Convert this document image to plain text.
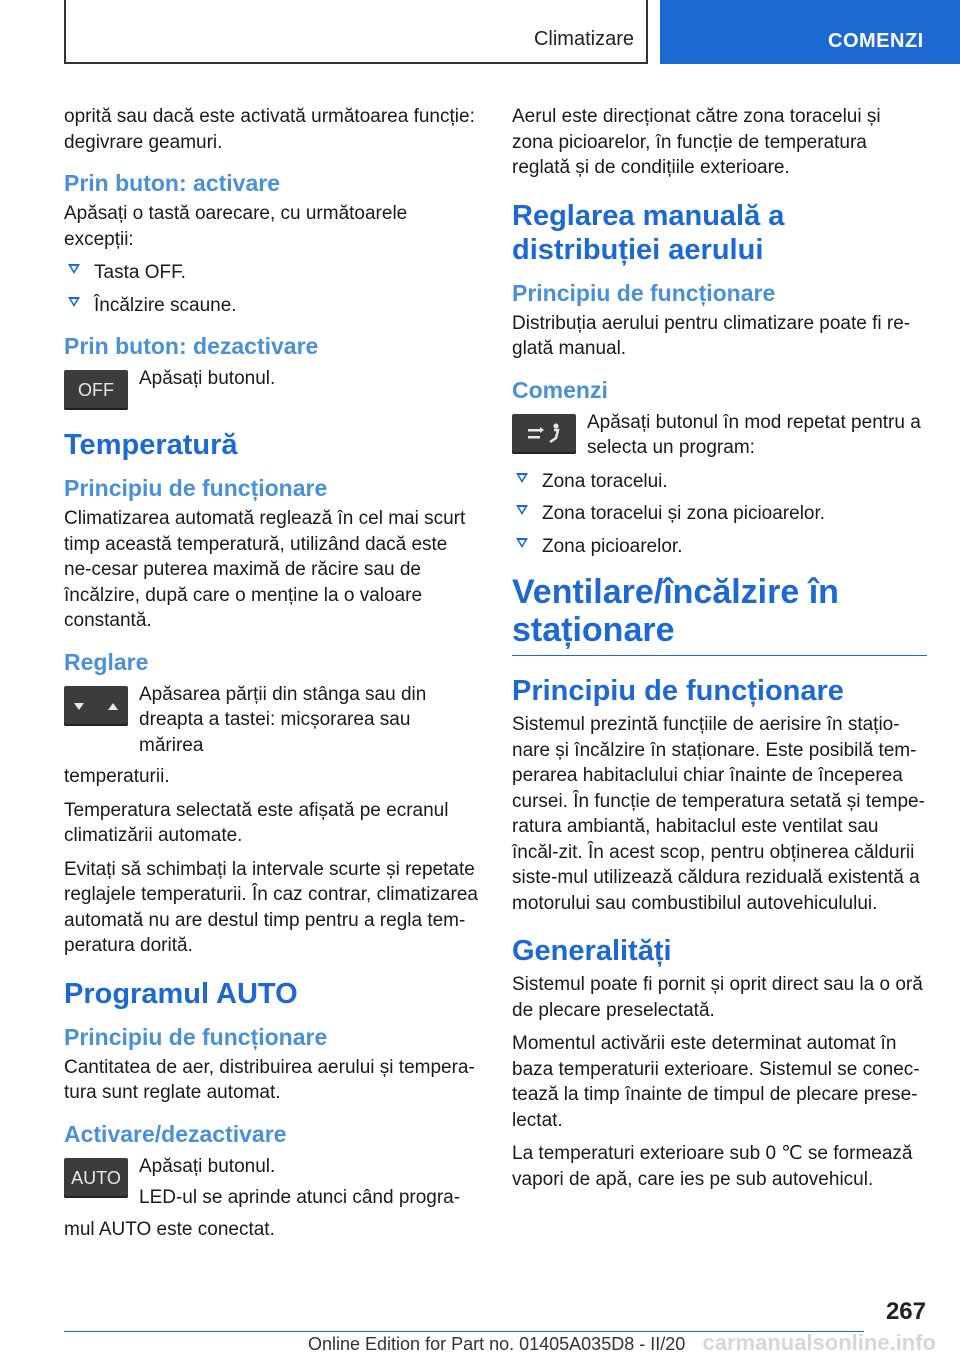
Climatizare	COMENZI

oprită sau dacă este activată următoarea funcție: degivrare geamuri.

Prin buton: activare

Apăsați o tastă oarecare, cu următoarele excepții:

Tasta OFF.
Încălzire scaune.
Prin buton: dezactivare
OFF

Apăsați butonul.

Temperatură
Principiu de funcționare

Climatizarea automată reglează în cel mai scurt timp această temperatură, utilizând dacă este ne‐cesar puterea maximă de răcire sau de încălzire, după care o menține la o valoare constantă.

Reglare

Apăsarea părții din stânga sau din dreapta a tastei: micșorarea sau mărirea

temperaturii.

Temperatura selectată este afișată pe ecranul climatizării automate.

Evitați să schimbați la intervale scurte și repetate reglajele temperaturii. În caz contrar, climatizarea automată nu are destul timp pentru a regla tem‐peratura dorită.

Programul AUTO
Principiu de funcționare

Cantitatea de aer, distribuirea aerului și tempera‐tura sunt reglate automat.

Activare/dezactivare
AUTO

Apăsați butonul.

LED-ul se aprinde atunci când progra‐

mul AUTO este conectat.

Aerul este direcționat către zona toracelui și zona picioarelor, în funcție de temperatura reglată și de condițiile exterioare.

Reglarea manuală a distribuției aerului
Principiu de funcționare

Distribuția aerului pentru climatizare poate fi re‐glată manual.

Comenzi

Apăsați butonul în mod repetat pentru a selecta un program:

Zona toracelui.
Zona toracelui și zona picioarelor.
Zona picioarelor.
Ventilare/încălzire în staționare
Principiu de funcționare

Sistemul prezintă funcțiile de aerisire în stațio‐nare și încălzire în staționare. Este posibilă tem‐perarea habitaclului chiar înainte de începerea cursei. În funcție de temperatura setată și tempe‐ratura ambiantă, habitaclul este ventilat sau încăl‐zit. În acest scop, pentru obținerea căldurii siste‐mul utilizează căldura reziduală existentă a motorului sau combustibilul autovehiculului.

Generalități

Sistemul poate fi pornit și oprit direct sau la o oră de plecare preselectată.

Momentul activării este determinat automat în baza temperaturii exterioare. Sistemul se conec‐tează la timp înainte de timpul de plecare prese‐lectat.

La temperaturi exterioare sub 0 ℃ se formează vapori de apă, care ies pe sub autovehicul.

267
Online Edition for Part no. 01405A035D8 - II/20 carmanualsonline.info
